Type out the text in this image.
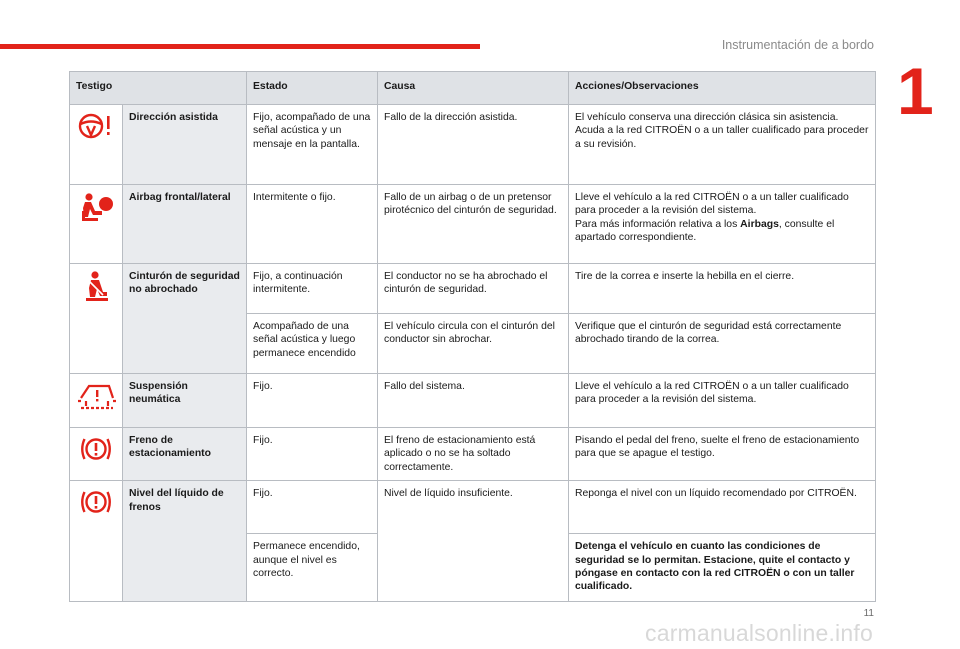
Instrumentación de a bordo
1
Testigo		Estado	Causa	Acciones/Observaciones
	Dirección asistida	Fijo, acompañado de una señal acústica y un mensaje en la pantalla.	Fallo de la dirección asistida.	El vehículo conserva una dirección clásica sin asistencia. Acuda a la red CITROËN o a un taller cualificado para proceder a su revisión.
	Airbag frontal/lateral	Intermitente o fijo.	Fallo de un airbag o de un pretensor pirotécnico del cinturón de seguridad.	Lleve el vehículo a la red CITROËN o a un taller cualificado para proceder a la revisión del sistema.
Para más información relativa a los Airbags, consulte el apartado correspondiente.
	Cinturón de seguridad no abrochado	Fijo, a continuación intermitente.	El conductor no se ha abrochado el cinturón de seguridad.	Tire de la correa e inserte la hebilla en el cierre.
		Acompañado de una señal acústica y luego permanece encendido	El vehículo circula con el cinturón del conductor sin abrochar.	Verifique que el cinturón de seguridad está correctamente abrochado tirando de la correa.
	Suspensión neumática	Fijo.	Fallo del sistema.	Lleve el vehículo a la red CITROËN o a un taller cualificado para proceder a la revisión del sistema.
	Freno de estacionamiento	Fijo.	El freno de estacionamiento está aplicado o no se ha soltado correctamente.	Pisando el pedal del freno, suelte el freno de estacionamiento para que se apague el testigo.
	Nivel del líquido de frenos	Fijo.	Nivel de líquido insuficiente.	Reponga el nivel con un líquido recomendado por CITROËN.
		Permanece encendido, aunque el nivel es correcto.		Detenga el vehículo en cuanto las condiciones de seguridad se lo permitan. Estacione, quite el contacto y póngase en contacto con la red CITROËN o con un taller cualificado.
11
carmanualsonline.info
